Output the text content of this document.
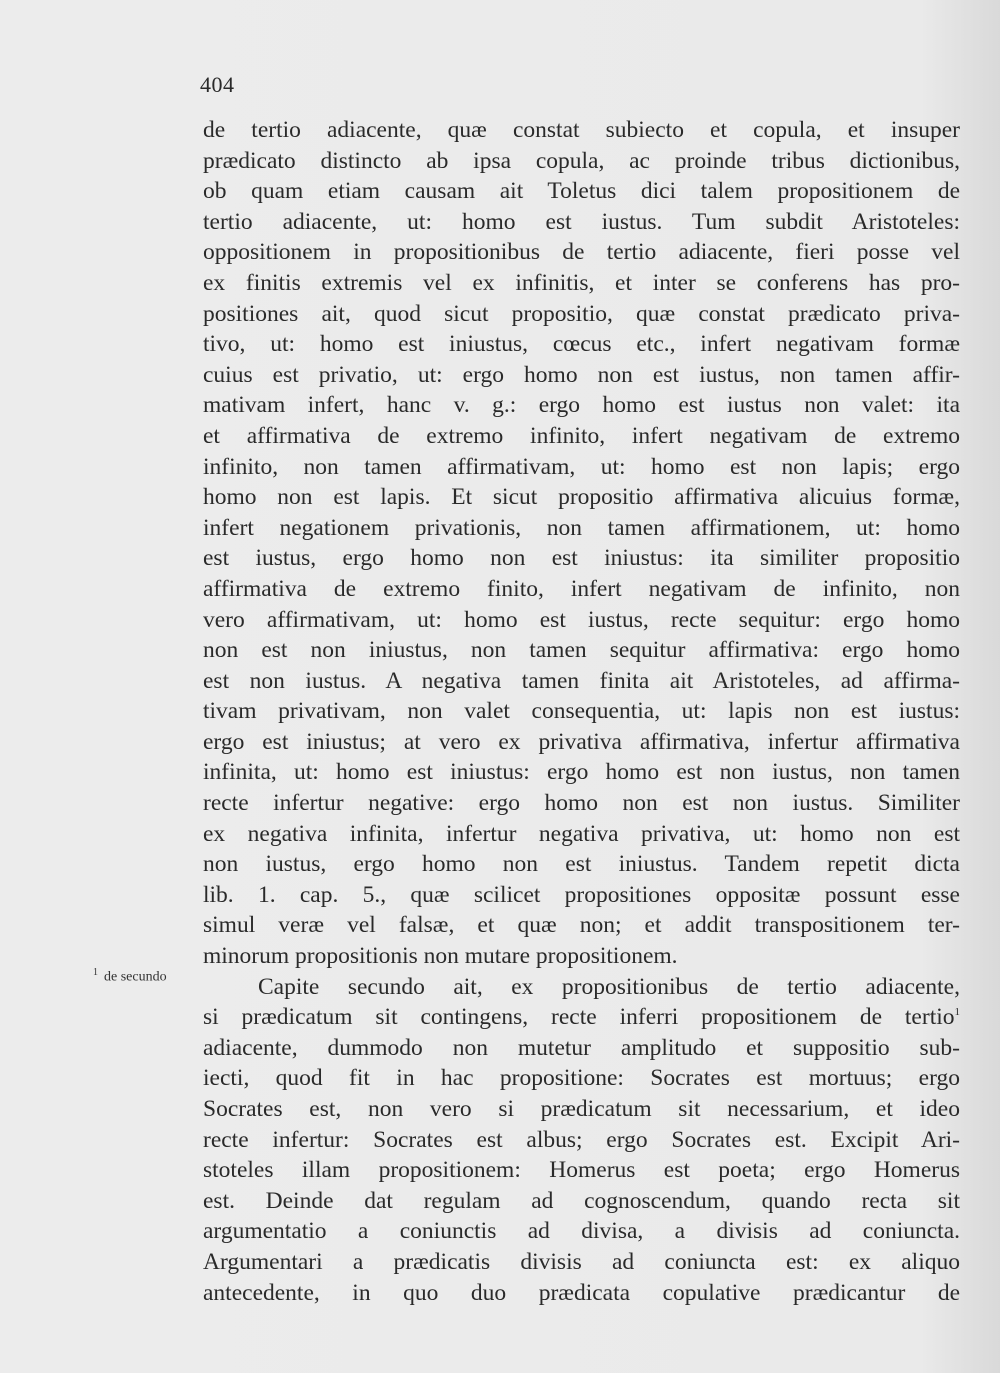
404
$^1$ de secundo
de tertio adiacente, quæ constat subiecto et copula, et insuper
prædicato distincto ab ipsa copula, ac proinde tribus dictionibus,
ob quam etiam causam ait Toletus dici talem propositionem de
tertio adiacente, ut: homo est iustus. Tum subdit Aristoteles:
oppositionem in propositionibus de tertio adiacente, fieri posse vel
ex finitis extremis vel ex infinitis, et inter se conferens has pro-
positiones ait, quod sicut propositio, quæ constat prædicato priva-
tivo, ut: homo est iniustus, cœcus etc., infert negativam formæ
cuius est privatio, ut: ergo homo non est iustus, non tamen affir-
mativam infert, hanc v. g.: ergo homo est iustus non valet: ita
et affirmativa de extremo infinito, infert negativam de extremo
infinito, non tamen affirmativam, ut: homo est non lapis; ergo
homo non est lapis. Et sicut propositio affirmativa alicuius formæ,
infert negationem privationis, non tamen affirmationem, ut: homo
est iustus, ergo homo non est iniustus: ita similiter propositio
affirmativa de extremo finito, infert negativam de infinito, non
vero affirmativam, ut: homo est iustus, recte sequitur: ergo homo
non est non iniustus, non tamen sequitur affirmativa: ergo homo
est non iustus. A negativa tamen finita ait Aristoteles, ad affirma-
tivam privativam, non valet consequentia, ut: lapis non est iustus:
ergo est iniustus; at vero ex privativa affirmativa, infertur affirmativa
infinita, ut: homo est iniustus: ergo homo est non iustus, non tamen
recte infertur negative: ergo homo non est non iustus. Similiter
ex negativa infinita, infertur negativa privativa, ut: homo non est
non iustus, ergo homo non est iniustus. Tandem repetit dicta
lib. 1. cap. 5., quæ scilicet propositiones oppositæ possunt esse
simul veræ vel falsæ, et quæ non; et addit transpositionem ter-
minorum propositionis non mutare propositionem.
Capite secundo ait, ex propositionibus de tertio adiacente,
si prædicatum sit contingens, recte inferri propositionem de tertio$^1$
adiacente, dummodo non mutetur amplitudo et suppositio sub-
iecti, quod fit in hac propositione: Socrates est mortuus; ergo
Socrates est, non vero si prædicatum sit necessarium, et ideo
recte infertur: Socrates est albus; ergo Socrates est. Excipit Ari-
stoteles illam propositionem: Homerus est poeta; ergo Homerus
est. Deinde dat regulam ad cognoscendum, quando recta sit
argumentatio a coniunctis ad divisa, a divisis ad coniuncta.
Argumentari a prædicatis divisis ad coniuncta est: ex aliquo
antecedente, in quo duo prædicata copulative prædicantur de
